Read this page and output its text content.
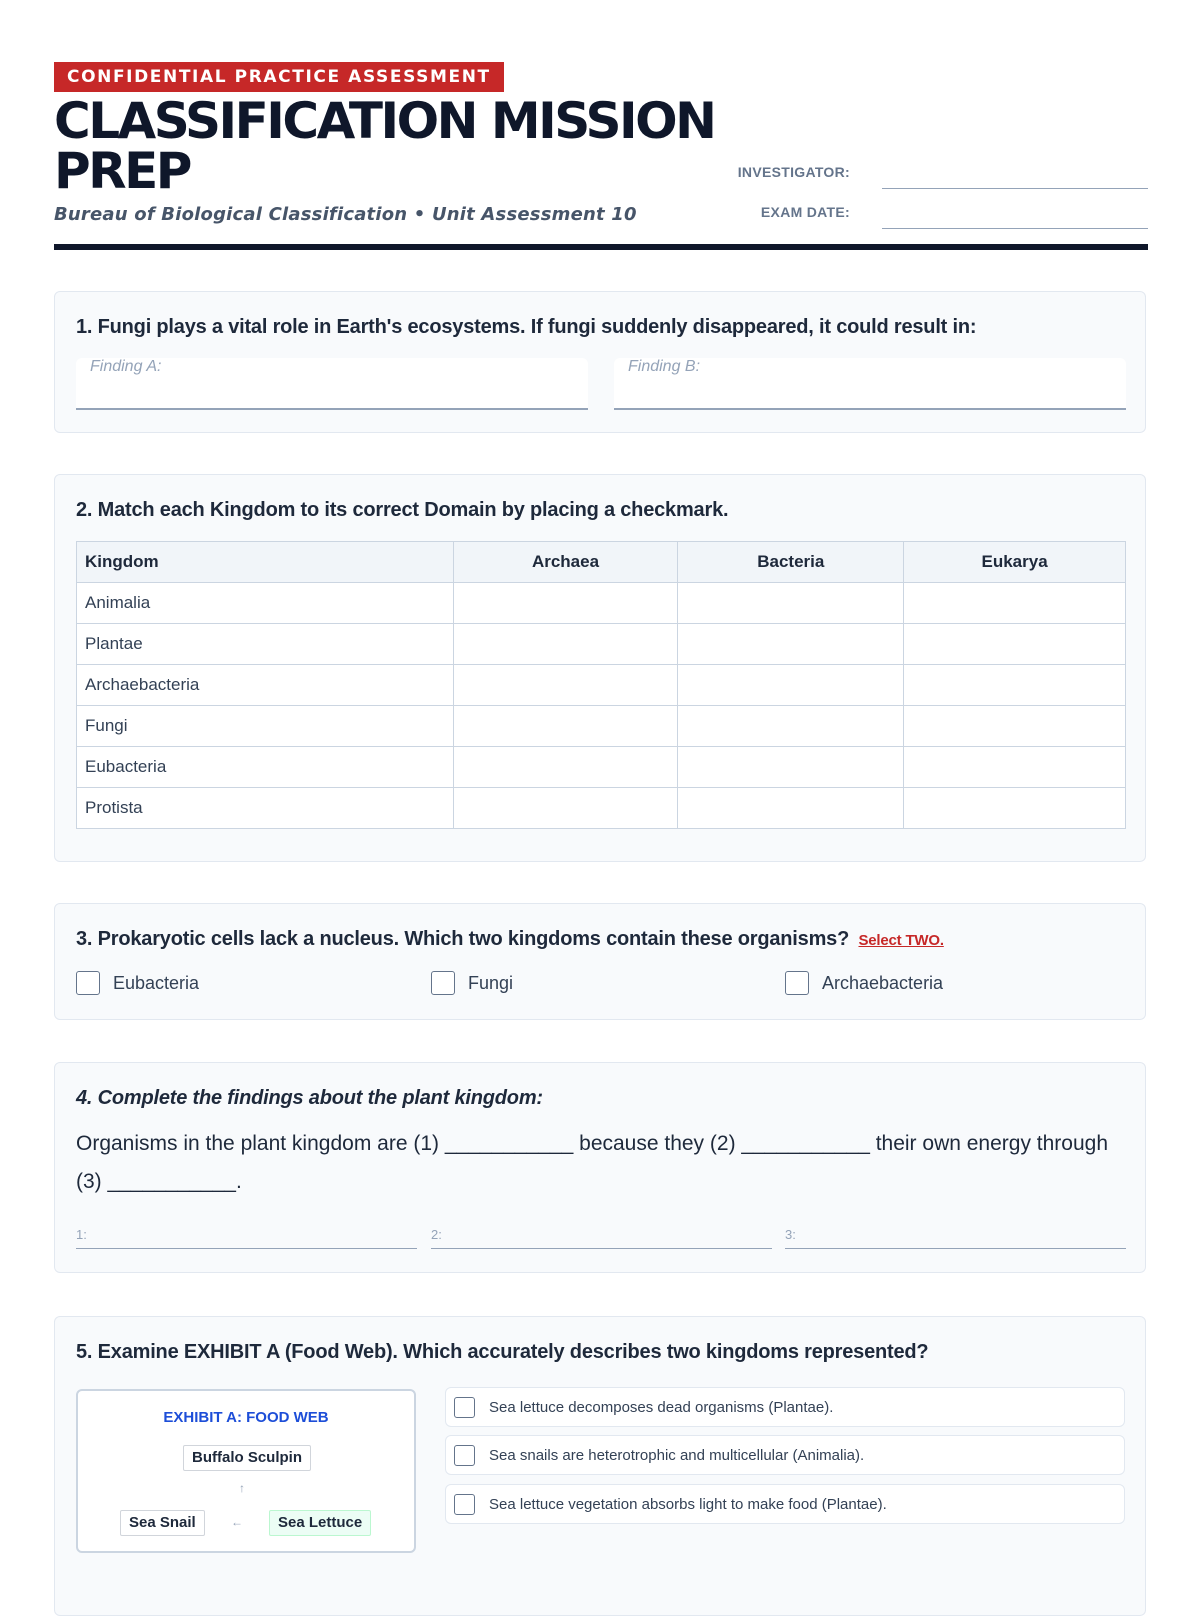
CONFIDENTIAL PRACTICE ASSESSMENT
CLASSIFICATION MISSION
PREP
Bureau of Biological Classification • Unit Assessment 10
INVESTIGATOR:
EXAM DATE:
1. Fungi plays a vital role in Earth's ecosystems. If fungi suddenly disappeared, it could result in:
Finding A:	Finding B:
2. Match each Kingdom to its correct Domain by placing a checkmark.
Kingdom	Archaea	Bacteria	Eukarya
Animalia			
Plantae			
Archaebacteria			
Fungi			
Eubacteria			
Protista			
3. Prokaryotic cells lack a nucleus. Which two kingdoms contain these organisms? Select TWO.
Eubacteria	Fungi	Archaebacteria
4. Complete the findings about the plant kingdom:
Organisms in the plant kingdom are (1) ___________ because they (2) ___________ their own energy through (3) ___________.
1:	2:	3:
5. Examine EXHIBIT A (Food Web). Which accurately describes two kingdoms represented?
EXHIBIT A: FOOD WEB
Buffalo Sculpin
↑
Sea Snail	←	Sea Lettuce
Sea lettuce decomposes dead organisms (Plantae).
Sea snails are heterotrophic and multicellular (Animalia).
Sea lettuce vegetation absorbs light to make food (Plantae).
